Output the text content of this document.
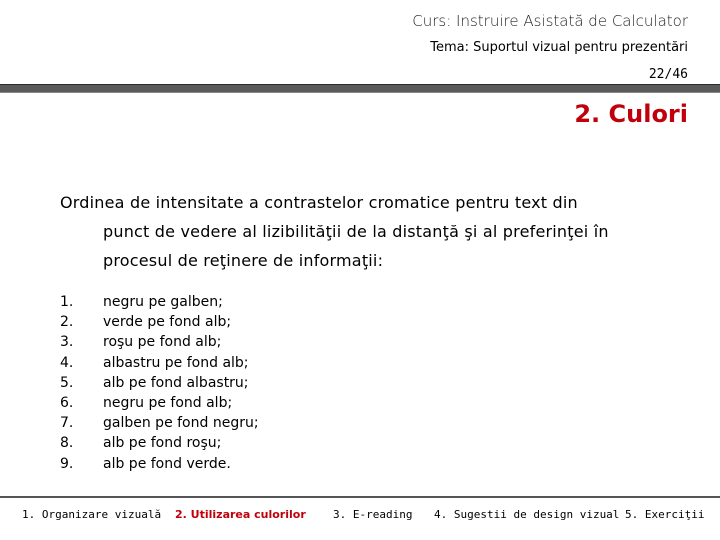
Curs: Instruire Asistată de Calculator
Tema: Suportul vizual pentru prezentări
22/46
2. Culori
Ordinea de intensitate a contrastelor cromatice pentru text din
punct de vedere al lizibilităţii de la distanţă şi al preferinţei în procesul de reţinere de informaţii:
1.	negru pe galben;
2.	verde pe fond alb;
3.	roşu pe fond alb;
4.	albastru pe fond alb;
5.	alb pe fond albastru;
6.	negru pe fond alb;
7.	galben pe fond negru;
8.	alb pe fond roşu;
9.	alb pe fond verde.
1. Organizare vizuală 2. Utilizarea culorilor 3. E-reading 4. Sugestii de design vizual 5. Exerciţii
